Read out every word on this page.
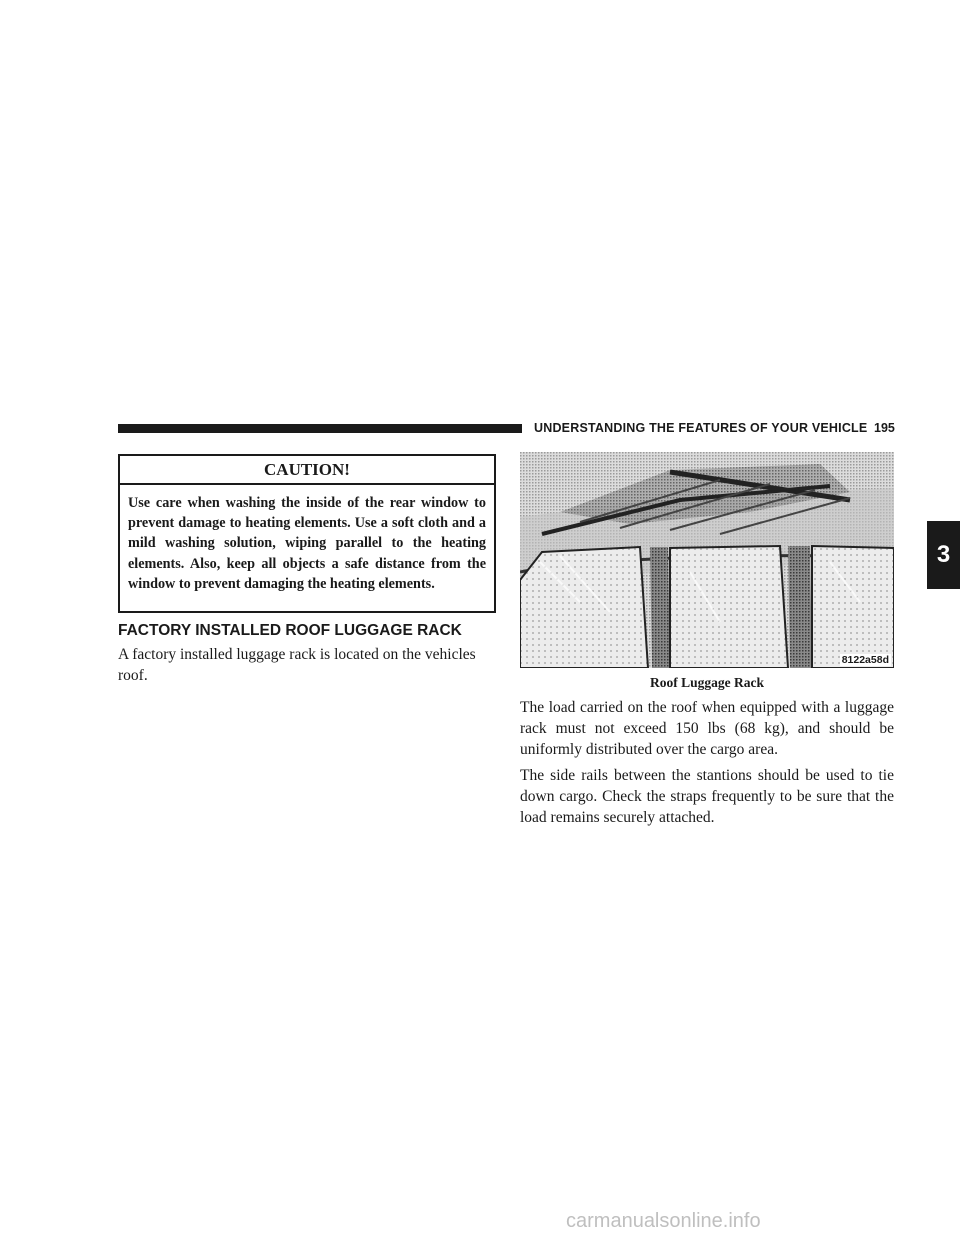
UNDERSTANDING THE FEATURES OF YOUR VEHICLE 195
CAUTION!
Use care when washing the inside of the rear window to prevent damage to heating elements. Use a soft cloth and a mild washing solution, wiping parallel to the heating elements. Also, keep all objects a safe distance from the window to prevent damaging the heating elements.
FACTORY INSTALLED ROOF LUGGAGE RACK
A factory installed luggage rack is located on the vehicles roof.
8122a58d
Roof Luggage Rack
The load carried on the roof when equipped with a luggage rack must not exceed 150 lbs (68 kg), and should be uniformly distributed over the cargo area.
The side rails between the stantions should be used to tie down cargo. Check the straps frequently to be sure that the load remains securely attached.
3
carmanualsonline.info
